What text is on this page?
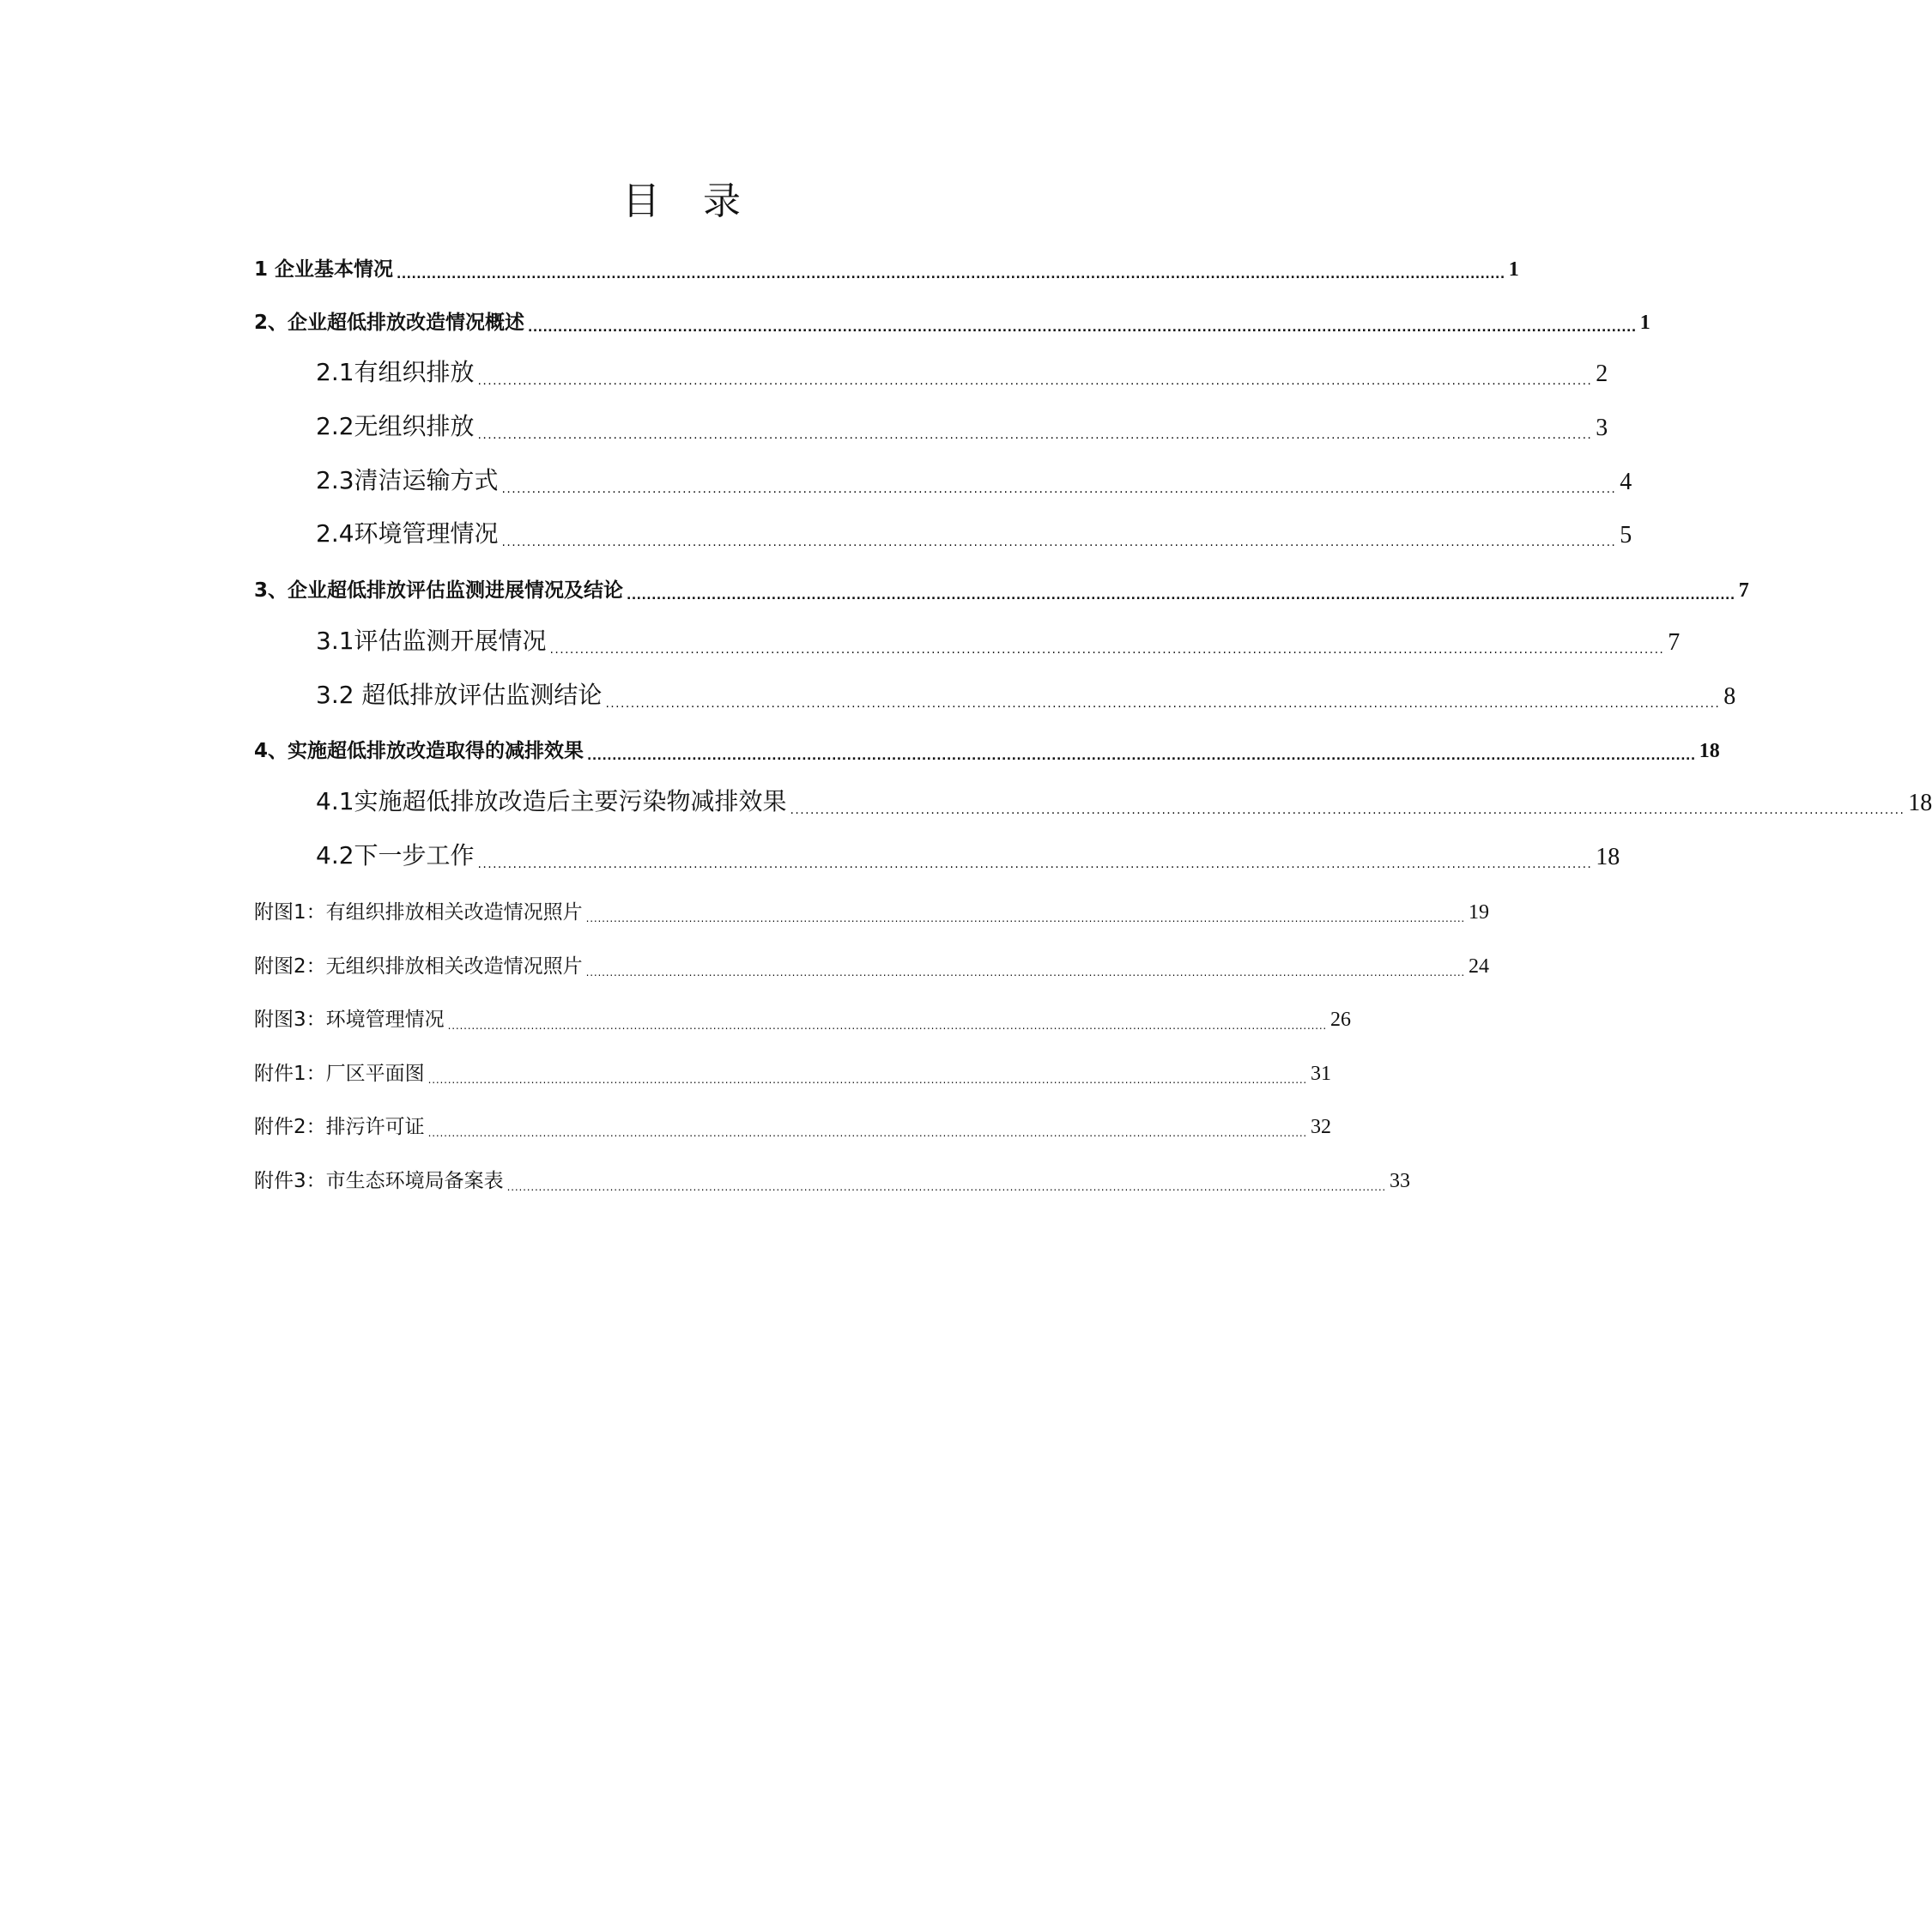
目 录
1 企业基本情况 .............................................................................................................................................................................................................................. 1
2、企业超低排放改造情况概述 .............................................................................................................................................................................................................................. 1
2.1有组织排放 .............................................................................................................................................................................................................................. 2
2.2无组织排放 .............................................................................................................................................................................................................................. 3
2.3清洁运输方式 .............................................................................................................................................................................................................................. 4
2.4环境管理情况 .............................................................................................................................................................................................................................. 5
3、企业超低排放评估监测进展情况及结论 .............................................................................................................................................................................................................................. 7
3.1评估监测开展情况 .............................................................................................................................................................................................................................. 7
3.2 超低排放评估监测结论 .............................................................................................................................................................................................................................. 8
4、实施超低排放改造取得的减排效果 .............................................................................................................................................................................................................................. 18
4.1实施超低排放改造后主要污染物减排效果 .............................................................................................................................................................................................................................. 18
4.2下一步工作 .............................................................................................................................................................................................................................. 18
附图1：有组织排放相关改造情况照片 .............................................................................................................................................................................................................................. 19
附图2：无组织排放相关改造情况照片 .............................................................................................................................................................................................................................. 24
附图3：环境管理情况 .............................................................................................................................................................................................................................. 26
附件1：厂区平面图 .............................................................................................................................................................................................................................. 31
附件2：排污许可证 .............................................................................................................................................................................................................................. 32
附件3：市生态环境局备案表 .............................................................................................................................................................................................................................. 33
